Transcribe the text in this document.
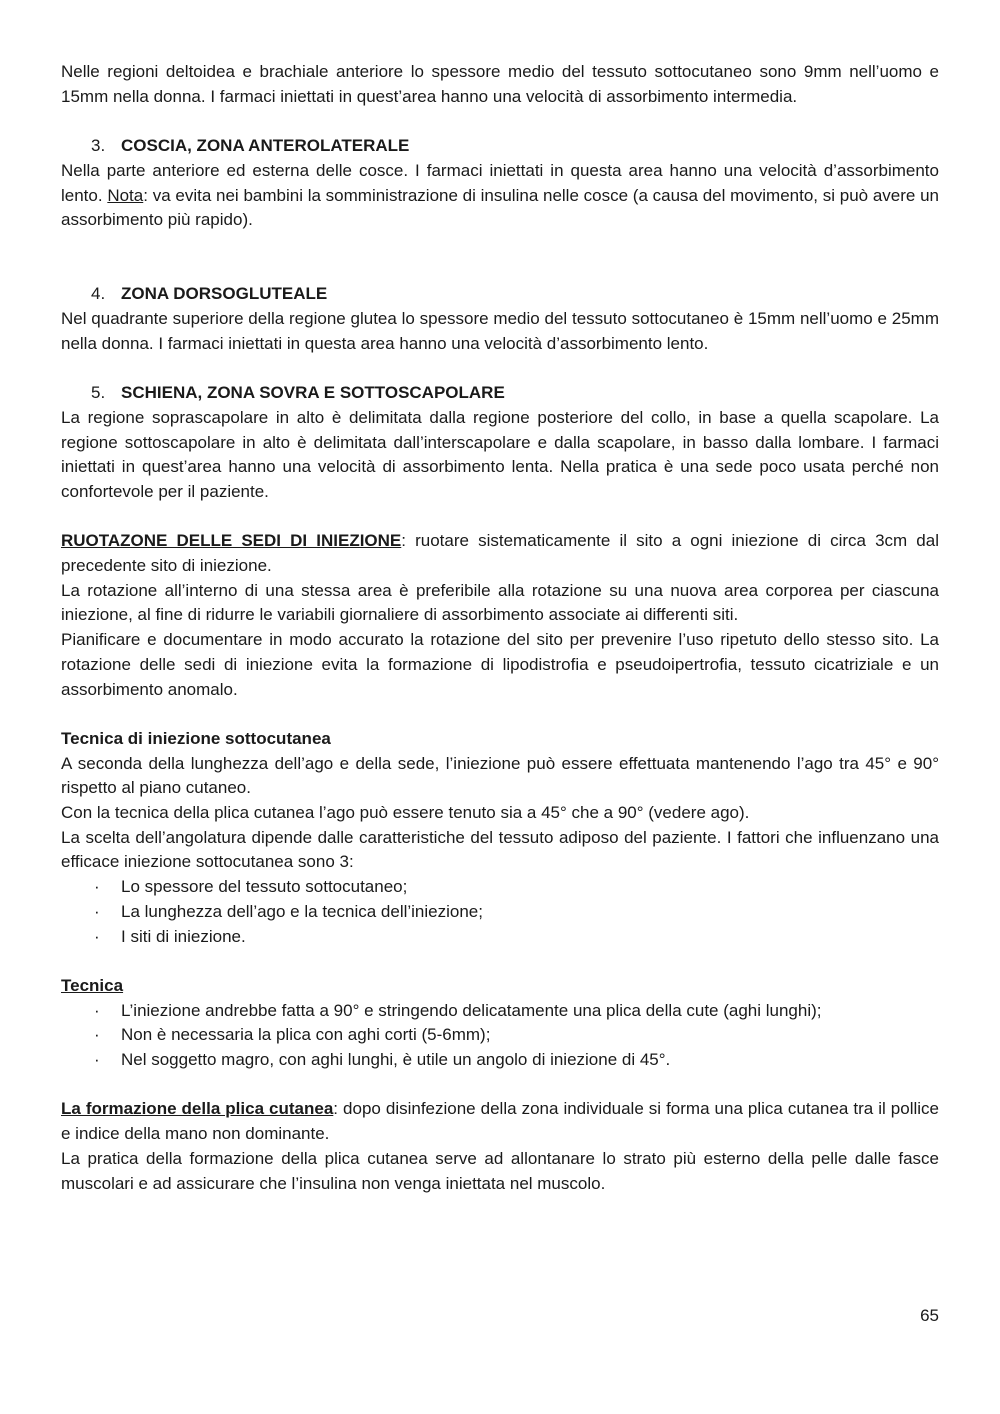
Nelle regioni deltoidea e brachiale anteriore lo spessore medio del tessuto sottocutaneo sono 9mm nell’uomo e 15mm nella donna. I farmaci iniettati in quest’area hanno una velocità di assorbimento intermedia.

3. COSCIA, ZONA ANTEROLATERALE

Nella parte anteriore ed esterna delle cosce. I farmaci iniettati in questa area hanno una velocità d’assorbimento lento. Nota: va evita nei bambini la somministrazione di insulina nelle cosce (a causa del movimento, si può avere un assorbimento più rapido).

4. ZONA DORSOGLUTEALE

Nel quadrante superiore della regione glutea lo spessore medio del tessuto sottocutaneo è 15mm nell’uomo e 25mm nella donna. I farmaci iniettati in questa area hanno una velocità d’assorbimento lento.

5. SCHIENA, ZONA SOVRA E SOTTOSCAPOLARE

La regione soprascapolare in alto è delimitata dalla regione posteriore del collo, in base a quella scapolare. La regione sottoscapolare in alto è delimitata dall’interscapolare e dalla scapolare, in basso dalla lombare. I farmaci iniettati in quest’area hanno una velocità di assorbimento lenta. Nella pratica è una sede poco usata perché non confortevole per il paziente.

RUOTAZONE DELLE SEDI DI INIEZIONE: ruotare sistematicamente il sito a ogni iniezione di circa 3cm dal precedente sito di iniezione.

La rotazione all’interno di una stessa area è preferibile alla rotazione su una nuova area corporea per ciascuna iniezione, al fine di ridurre le variabili giornaliere di assorbimento associate ai differenti siti.

Pianificare e documentare in modo accurato la rotazione del sito per prevenire l’uso ripetuto dello stesso sito. La rotazione delle sedi di iniezione evita la formazione di lipodistrofia e pseudoipertrofia, tessuto cicatriziale e un assorbimento anomalo.

Tecnica di iniezione sottocutanea

A seconda della lunghezza dell’ago e della sede, l’iniezione può essere effettuata mantenendo l’ago tra 45° e 90° rispetto al piano cutaneo.

Con la tecnica della plica cutanea l’ago può essere tenuto sia a 45° che a 90° (vedere ago).

La scelta dell’angolatura dipende dalle caratteristiche del tessuto adiposo del paziente. I fattori che influenzano una efficace iniezione sottocutanea sono 3:

· Lo spessore del tessuto sottocutaneo;
· La lunghezza dell’ago e la tecnica dell’iniezione;
· I siti di iniezione.

Tecnica

· L’iniezione andrebbe fatta a 90° e stringendo delicatamente una plica della cute (aghi lunghi);
· Non è necessaria la plica con aghi corti (5-6mm);
· Nel soggetto magro, con aghi lunghi, è utile un angolo di iniezione di 45°.

La formazione della plica cutanea: dopo disinfezione della zona individuale si forma una plica cutanea tra il pollice e indice della mano non dominante.

La pratica della formazione della plica cutanea serve ad allontanare lo strato più esterno della pelle dalle fasce muscolari e ad assicurare che l’insulina non venga iniettata nel muscolo.

65
